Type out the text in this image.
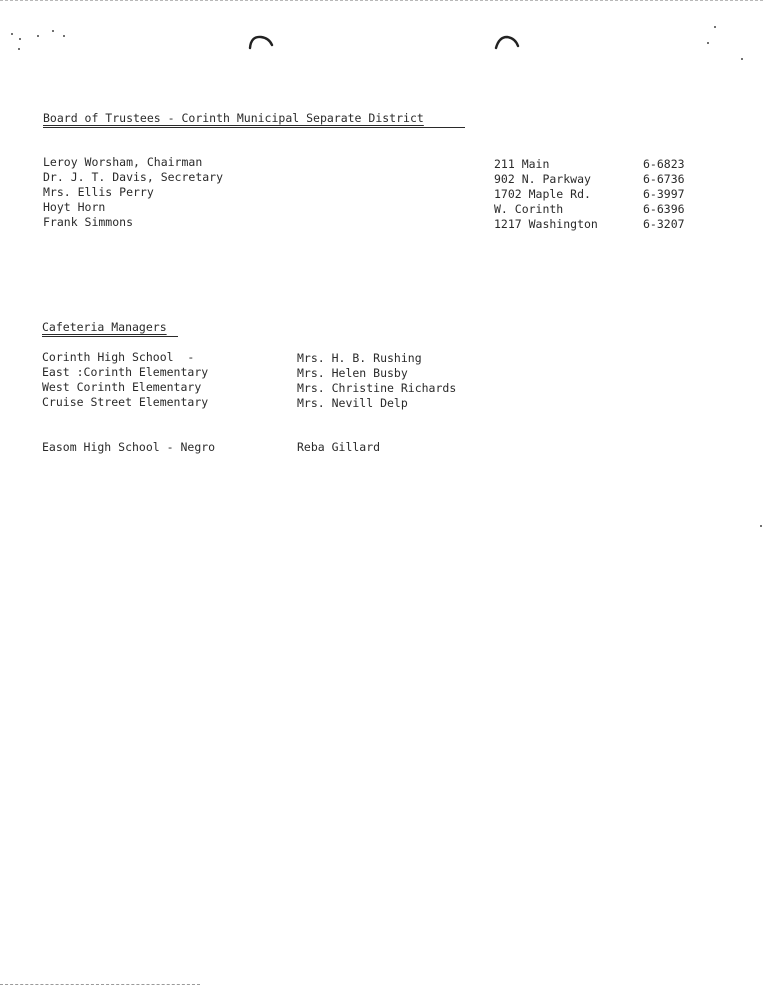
Board of Trustees - Corinth Municipal Separate District
Leroy Worsham, Chairman
Dr. J. T. Davis, Secretary
Mrs. Ellis Perry
Hoyt Horn
Frank Simmons
211 Main
902 N. Parkway
1702 Maple Rd.
W. Corinth
1217 Washington
6-6823
6-6736
6-3997
6-6396
6-3207
Cafeteria Managers
Corinth High School  -
East :Corinth Elementary
West Corinth Elementary
Cruise Street Elementary
Mrs. H. B. Rushing
Mrs. Helen Busby
Mrs. Christine Richards
Mrs. Nevill Delp
Easom High School - Negro	Reba Gillard
